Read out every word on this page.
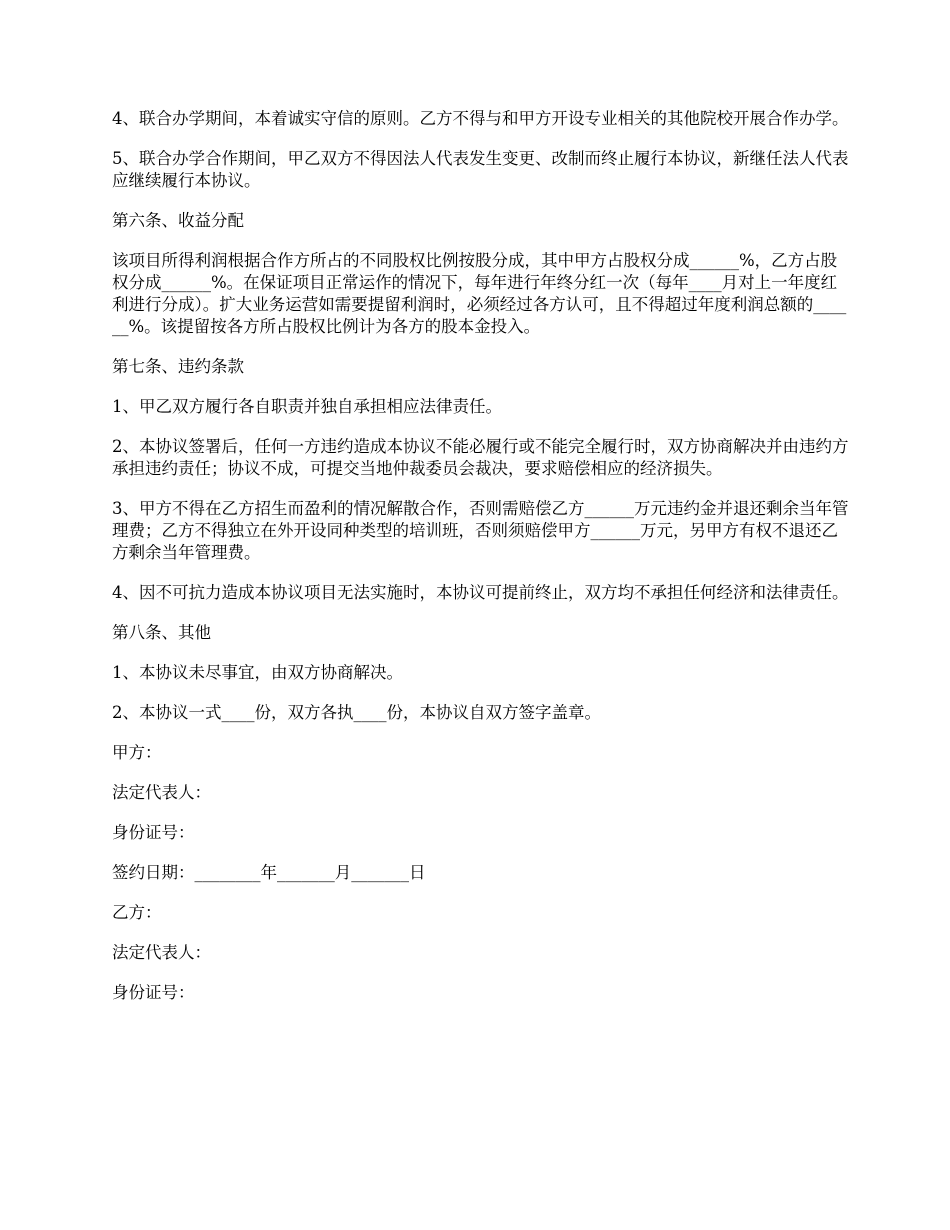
4、联合办学期间，本着诚实守信的原则。乙方不得与和甲方开设专业相关的其他院校开展合作办学。

5、联合办学合作期间，甲乙双方不得因法人代表发生变更、改制而终止履行本协议，新继任法人代表应继续履行本协议。

第六条、收益分配

该项目所得利润根据合作方所占的不同股权比例按股分成，其中甲方占股权分成______%，乙方占股权分成______%。在保证项目正常运作的情况下，每年进行年终分红一次（每年____月对上一年度红利进行分成）。扩大业务运营如需要提留利润时，必须经过各方认可，且不得超过年度利润总额的______%。该提留按各方所占股权比例计为各方的股本金投入。

第七条、违约条款

1、甲乙双方履行各自职责并独自承担相应法律责任。

2、本协议签署后，任何一方违约造成本协议不能必履行或不能完全履行时，双方协商解决并由违约方承担违约责任；协议不成，可提交当地仲裁委员会裁决，要求赔偿相应的经济损失。

3、甲方不得在乙方招生而盈利的情况解散合作，否则需赔偿乙方______万元违约金并退还剩余当年管理费；乙方不得独立在外开设同种类型的培训班，否则须赔偿甲方______万元，另甲方有权不退还乙方剩余当年管理费。

4、因不可抗力造成本协议项目无法实施时，本协议可提前终止，双方均不承担任何经济和法律责任。

第八条、其他

1、本协议未尽事宜，由双方协商解决。

2、本协议一式____份，双方各执____份，本协议自双方签字盖章。

甲方：

法定代表人：

身份证号：

签约日期：________年_______月_______日

乙方：

法定代表人：

身份证号：
